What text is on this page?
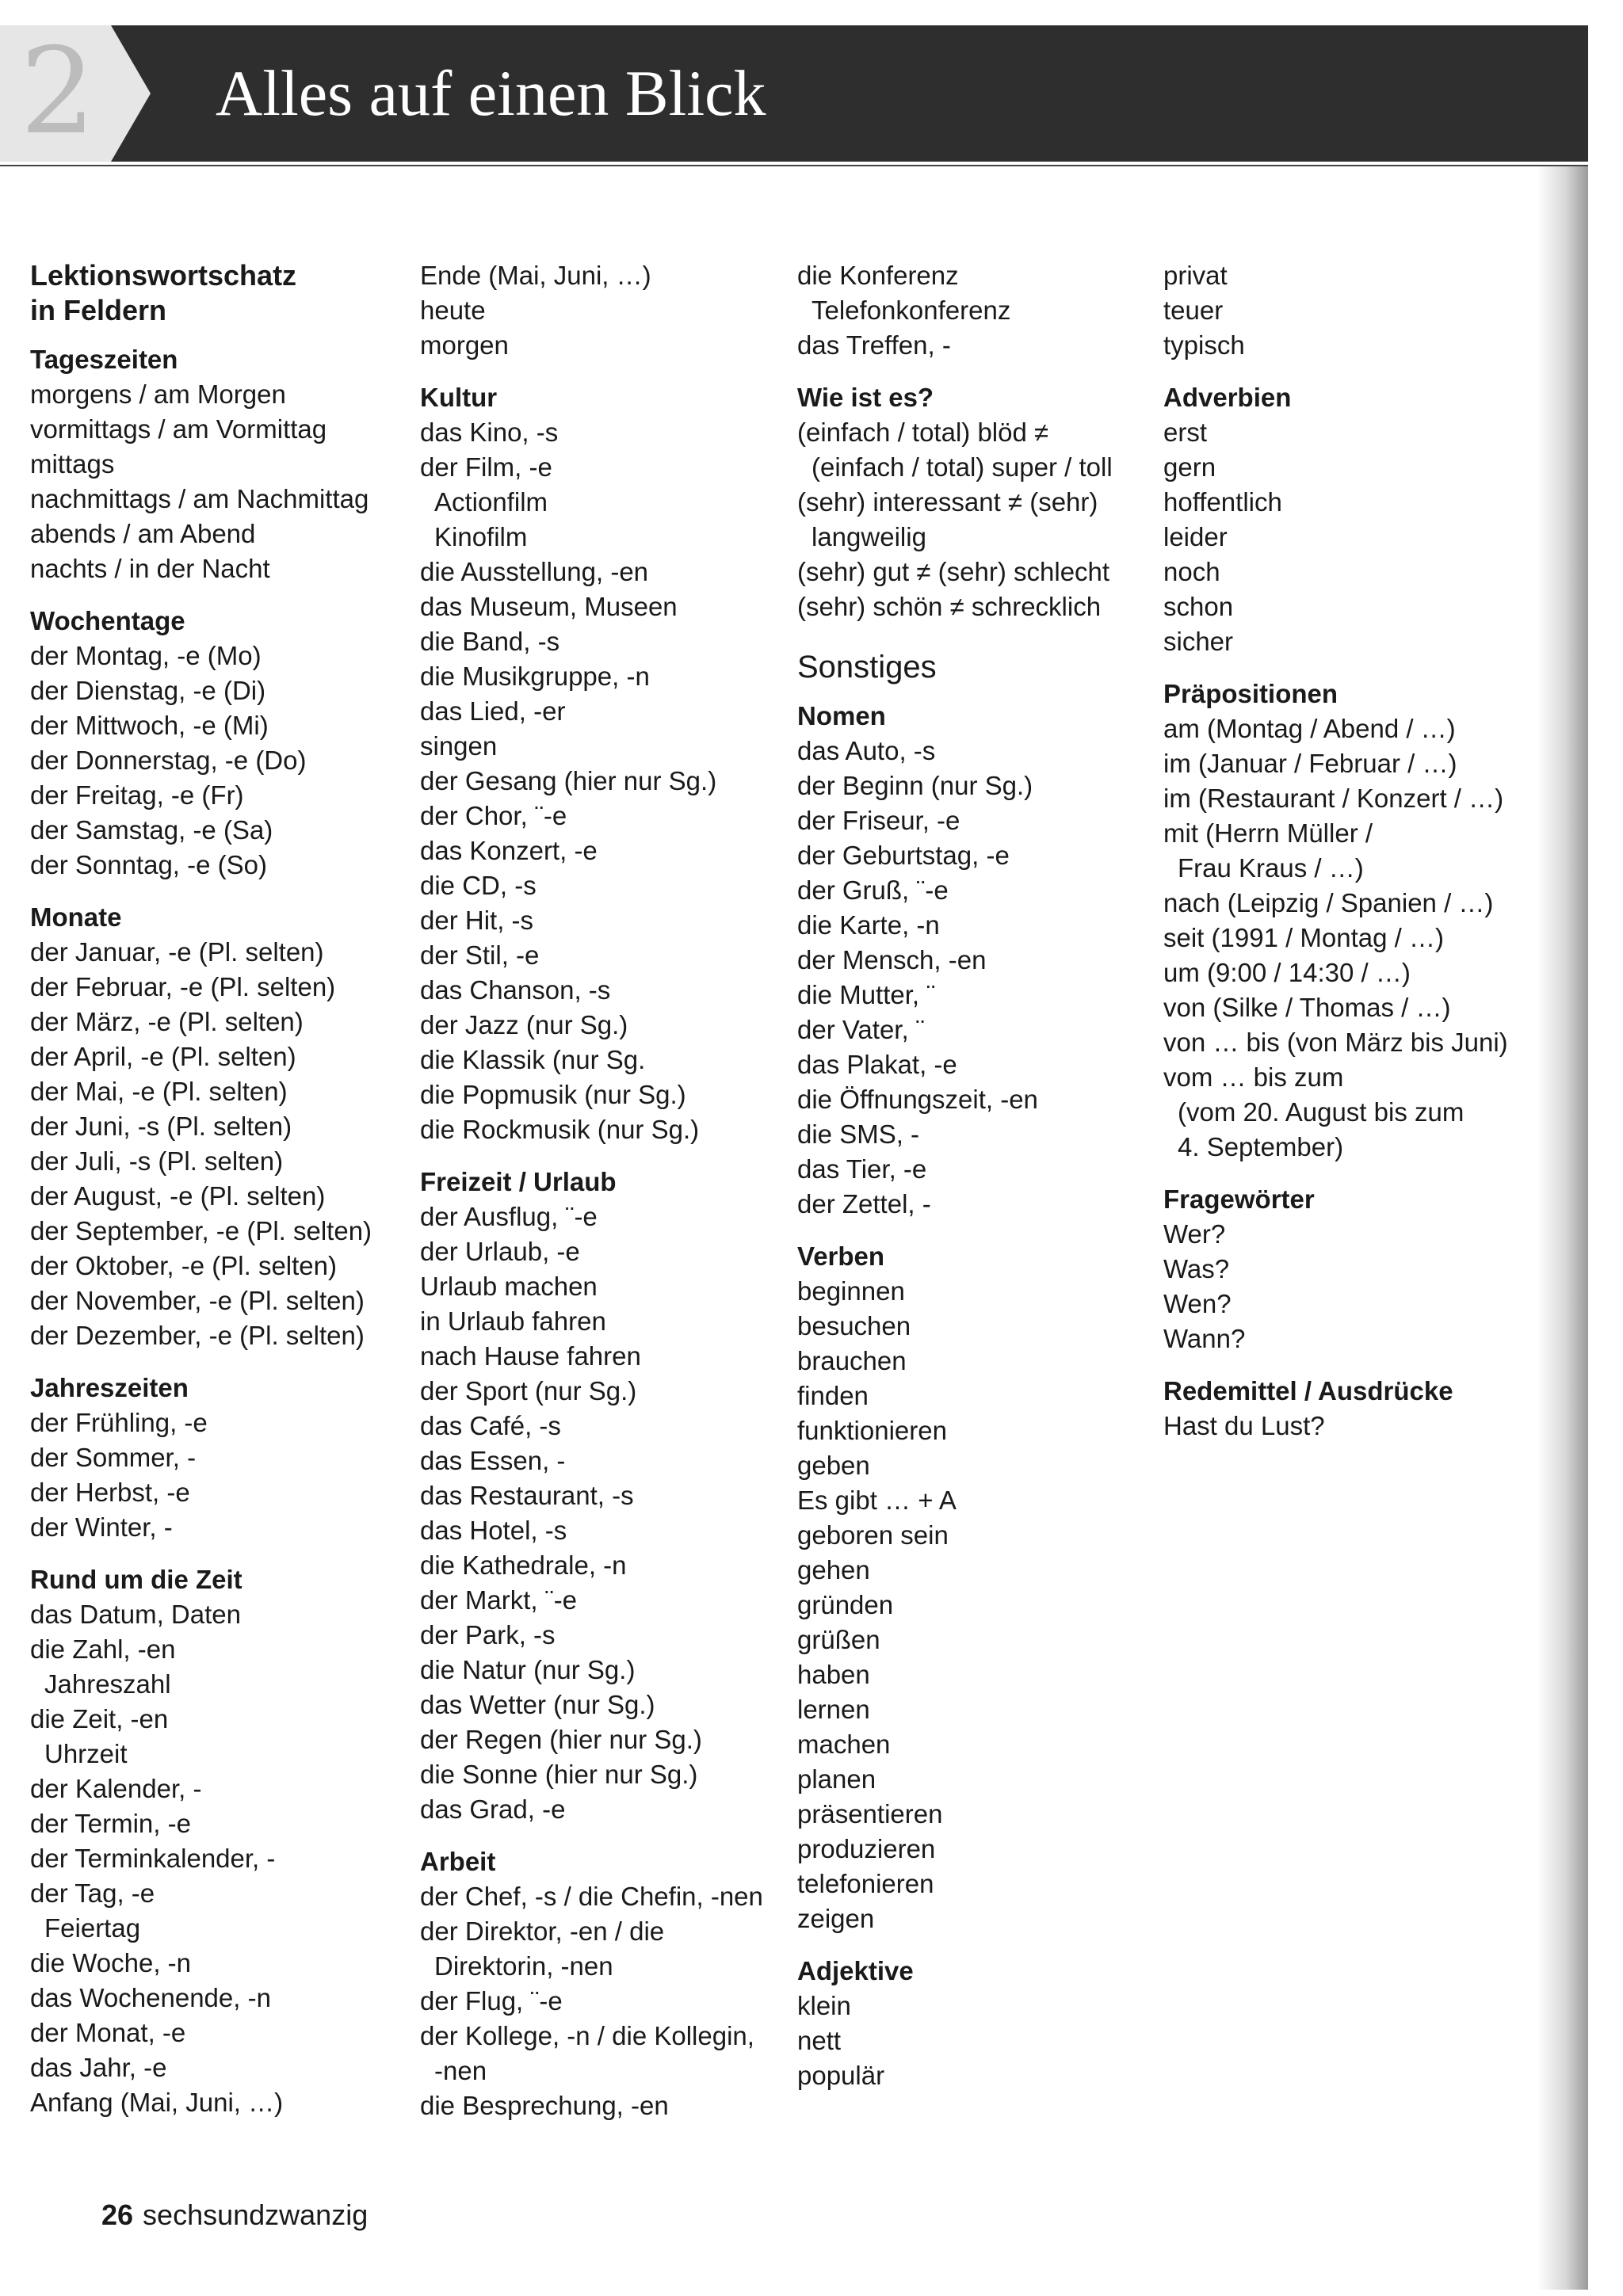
2 Alles auf einen Blick
Lektionswortschatz
in Feldern
Tageszeiten
morgens / am Morgen
vormittags / am Vormittag
mittags
nachmittags / am Nachmittag
abends / am Abend
nachts / in der Nacht
Wochentage
der Montag, -e (Mo)
der Dienstag, -e (Di)
der Mittwoch, -e (Mi)
der Donnerstag, -e (Do)
der Freitag, -e (Fr)
der Samstag, -e (Sa)
der Sonntag, -e (So)
Monate
der Januar, -e (Pl. selten)
der Februar, -e (Pl. selten)
der März, -e (Pl. selten)
der April, -e (Pl. selten)
der Mai, -e (Pl. selten)
der Juni, -s (Pl. selten)
der Juli, -s (Pl. selten)
der August, -e (Pl. selten)
der September, -e (Pl. selten)
der Oktober, -e (Pl. selten)
der November, -e (Pl. selten)
der Dezember, -e (Pl. selten)
Jahreszeiten
der Frühling, -e
der Sommer, -
der Herbst, -e
der Winter, -
Rund um die Zeit
das Datum, Daten
die Zahl, -en
Jahreszahl
die Zeit, -en
Uhrzeit
der Kalender, -
der Termin, -e
der Terminkalender, -
der Tag, -e
Feiertag
die Woche, -n
das Wochenende, -n
der Monat, -e
das Jahr, -e
Anfang (Mai, Juni, …)
Ende (Mai, Juni, …)
heute
morgen
Kultur
das Kino, -s
der Film, -e
Actionfilm
Kinofilm
die Ausstellung, -en
das Museum, Museen
die Band, -s
die Musikgruppe, -n
das Lied, -er
singen
der Gesang (hier nur Sg.)
der Chor, ¨-e
das Konzert, -e
die CD, -s
der Hit, -s
der Stil, -e
das Chanson, -s
der Jazz (nur Sg.)
die Klassik (nur Sg.
die Popmusik (nur Sg.)
die Rockmusik (nur Sg.)
Freizeit / Urlaub
der Ausflug, ¨-e
der Urlaub, -e
Urlaub machen
in Urlaub fahren
nach Hause fahren
der Sport (nur Sg.)
das Café, -s
das Essen, -
das Restaurant, -s
das Hotel, -s
die Kathedrale, -n
der Markt, ¨-e
der Park, -s
die Natur (nur Sg.)
das Wetter (nur Sg.)
der Regen (hier nur Sg.)
die Sonne (hier nur Sg.)
das Grad, -e
Arbeit
der Chef, -s / die Chefin, -nen
der Direktor, -en / die
Direktorin, -nen
der Flug, ¨-e
der Kollege, -n / die Kollegin,
-nen
die Besprechung, -en
die Konferenz
Telefonkonferenz
das Treffen, -
Wie ist es?
(einfach / total) blöd ≠
(einfach / total) super / toll
(sehr) interessant ≠ (sehr)
langweilig
(sehr) gut ≠ (sehr) schlecht
(sehr) schön ≠ schrecklich
Sonstiges
Nomen
das Auto, -s
der Beginn (nur Sg.)
der Friseur, -e
der Geburtstag, -e
der Gruß, ¨-e
die Karte, -n
der Mensch, -en
die Mutter, ¨
der Vater, ¨
das Plakat, -e
die Öffnungszeit, -en
die SMS, -
das Tier, -e
der Zettel, -
Verben
beginnen
besuchen
brauchen
finden
funktionieren
geben
Es gibt … + A
geboren sein
gehen
gründen
grüßen
haben
lernen
machen
planen
präsentieren
produzieren
telefonieren
zeigen
Adjektive
klein
nett
populär
privat
teuer
typisch
Adverbien
erst
gern
hoffentlich
leider
noch
schon
sicher
Präpositionen
am (Montag / Abend / …)
im (Januar / Februar / …)
im (Restaurant / Konzert / …)
mit (Herrn Müller /
Frau Kraus / …)
nach (Leipzig / Spanien / …)
seit (1991 / Montag / …)
um (9:00 / 14:30 / …)
von (Silke / Thomas / …)
von … bis (von März bis Juni)
vom … bis zum
(vom 20. August bis zum
4. September)
Fragewörter
Wer?
Was?
Wen?
Wann?
Redemittel / Ausdrücke
Hast du Lust?
26 sechsundzwanzig
